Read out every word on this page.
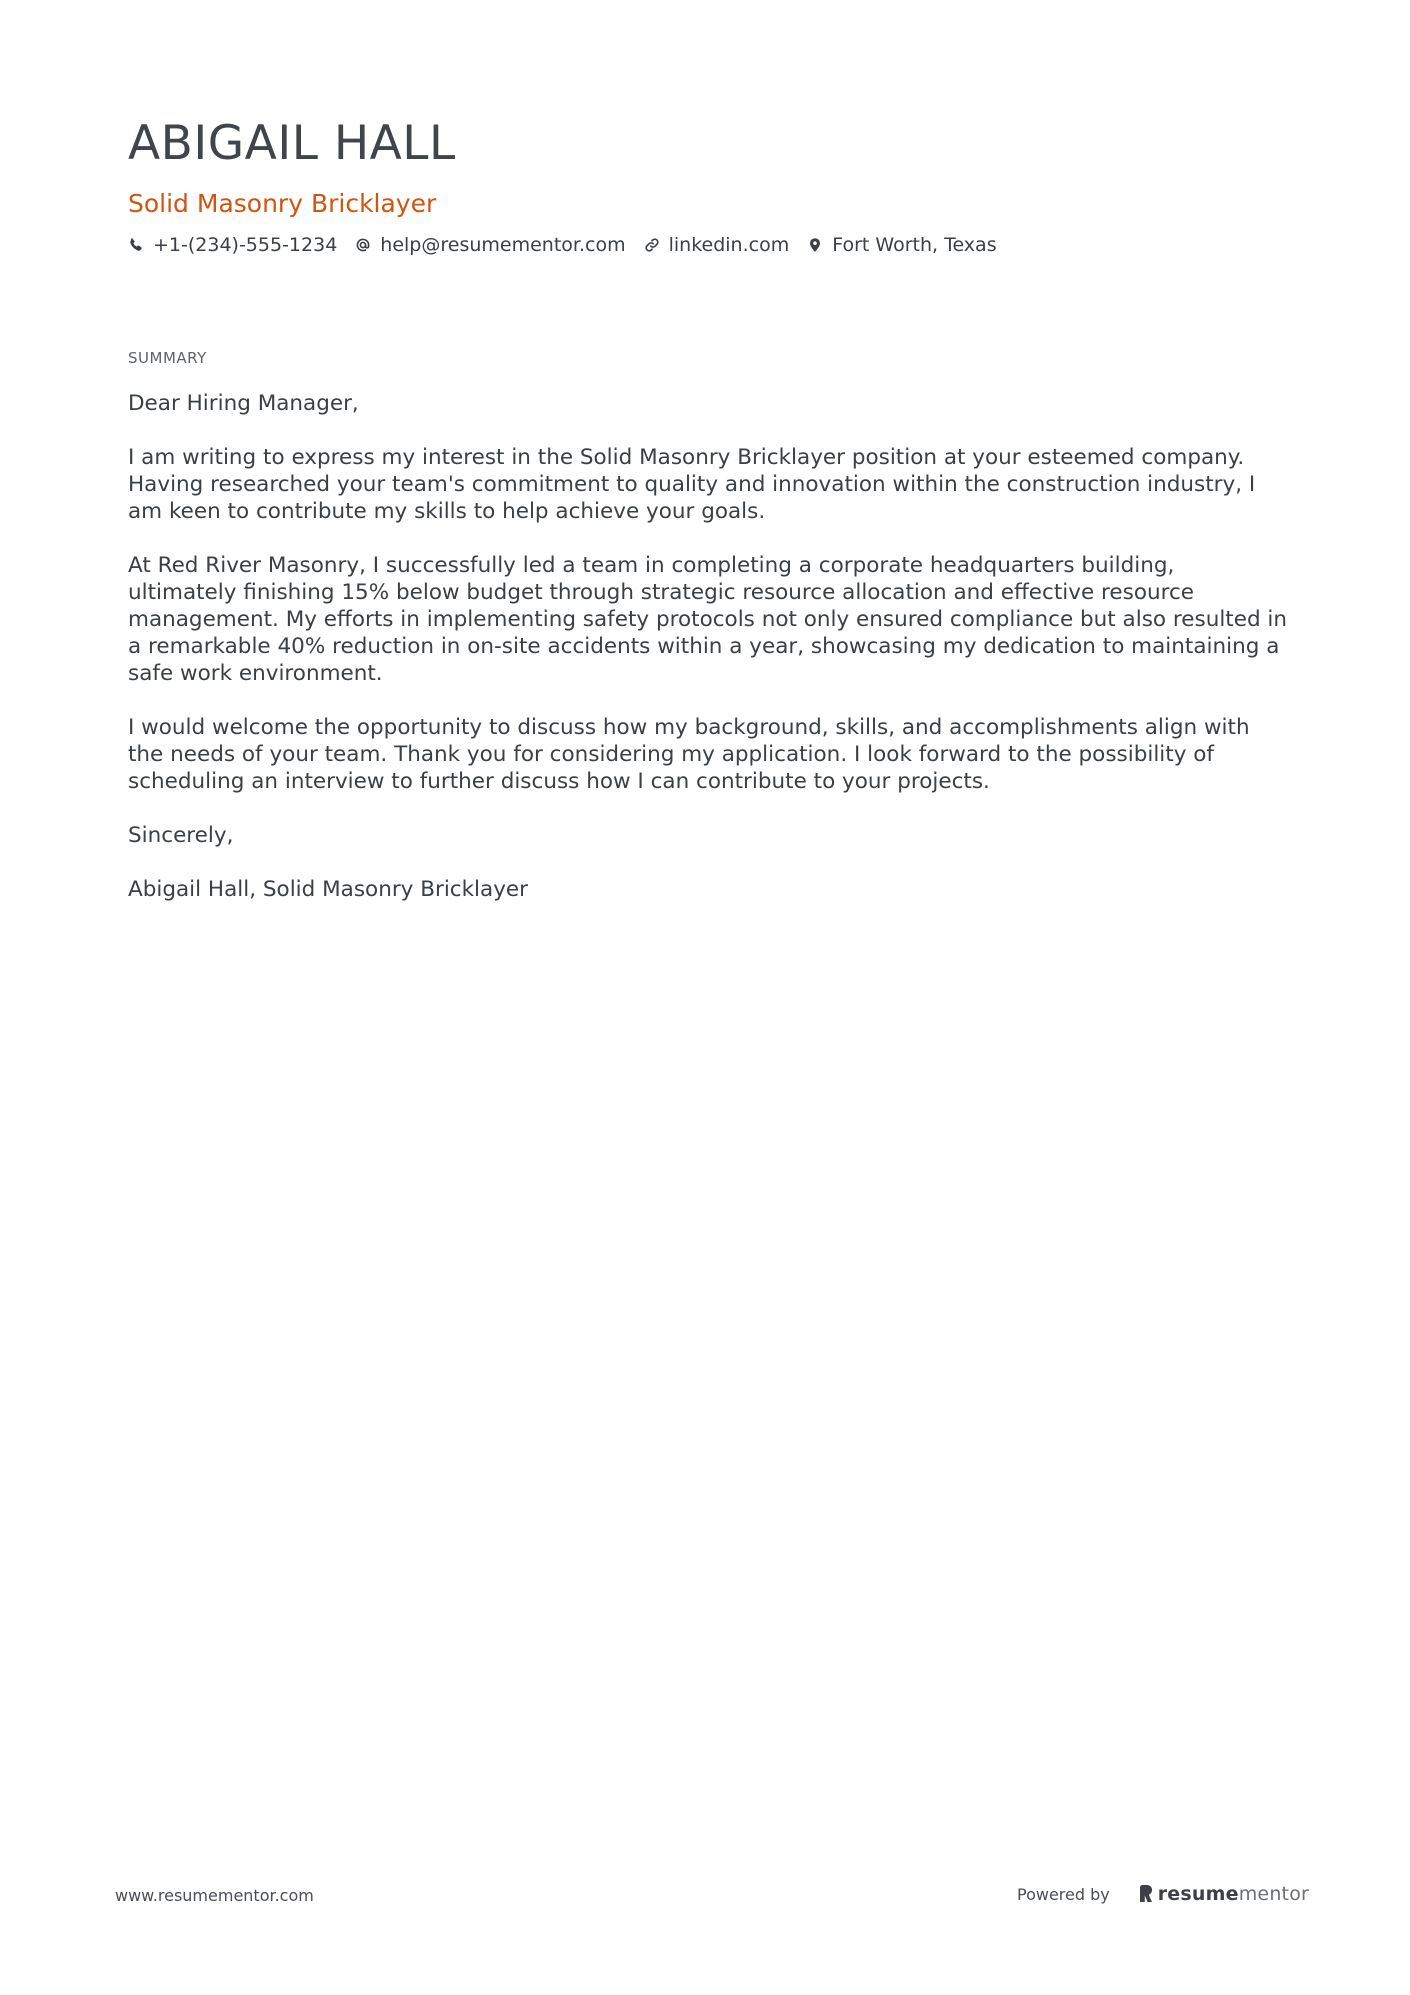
ABIGAIL HALL
Solid Masonry Bricklayer
+1-(234)-555-1234 help@resumementor.com linkedin.com Fort Worth, Texas
SUMMARY

Dear Hiring Manager,

I am writing to express my interest in the Solid Masonry Bricklayer position at your esteemed company. Having researched your team's commitment to quality and innovation within the construction industry, I am keen to contribute my skills to help achieve your goals.

At Red River Masonry, I successfully led a team in completing a corporate headquarters building, ultimately finishing 15% below budget through strategic resource allocation and effective resource management. My efforts in implementing safety protocols not only ensured compliance but also resulted in a remarkable 40% reduction in on-site accidents within a year, showcasing my dedication to maintaining a safe work environment.

I would welcome the opportunity to discuss how my background, skills, and accomplishments align with the needs of your team. Thank you for considering my application. I look forward to the possibility of scheduling an interview to further discuss how I can contribute to your projects.

Sincerely,

Abigail Hall, Solid Masonry Bricklayer

www.resumementor.com	Powered by	resume mentor
